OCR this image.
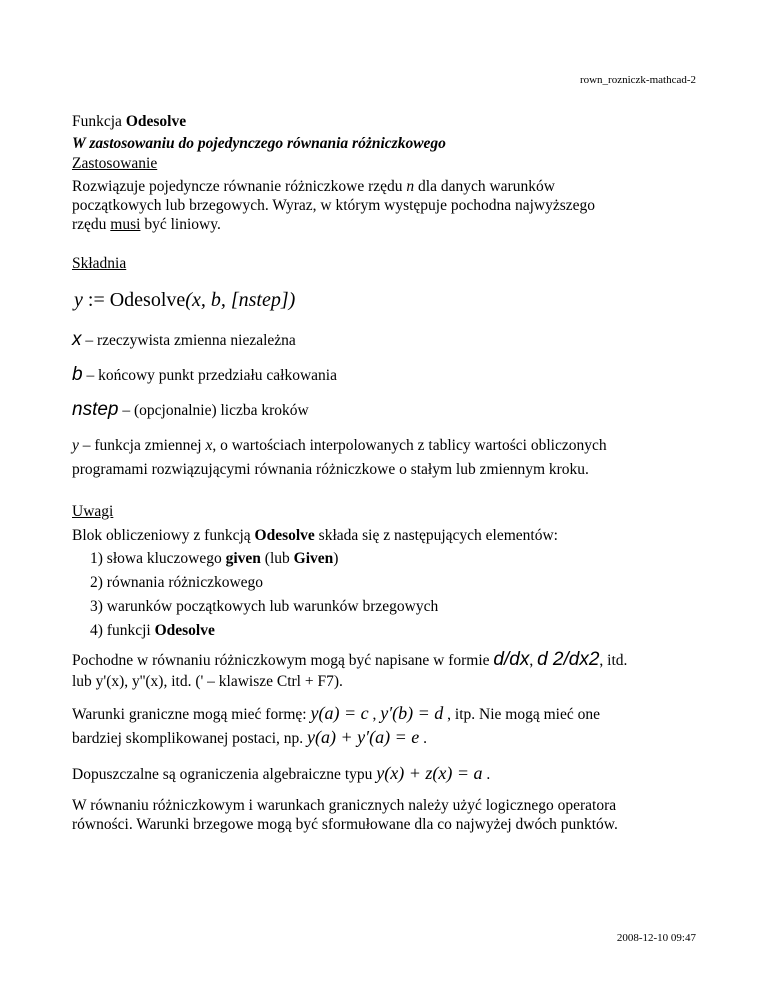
rown_rozniczk-mathcad-2

Funkcja Odesolve

W zastosowaniu do pojedynczego równania różniczkowego

Zastosowanie

Rozwiązuje pojedyncze równanie różniczkowe rzędu n dla danych warunków
początkowych lub brzegowych. Wyraz, w którym występuje pochodna najwyższego
rzędu musi być liniowy.

Składnia

y := Odesolve(x, b, [nstep])

x – rzeczywista zmienna niezależna

b – końcowy punkt przedziału całkowania

nstep – (opcjonalnie) liczba kroków

y – funkcja zmiennej x, o wartościach interpolowanych z tablicy wartości obliczonych
programami rozwiązującymi równania różniczkowe o stałym lub zmiennym kroku.

Uwagi

Blok obliczeniowy z funkcją Odesolve składa się z następujących elementów:

1) słowa kluczowego given (lub Given)
2) równania różniczkowego
3) warunków początkowych lub warunków brzegowych
4) funkcji Odesolve

Pochodne w równaniu różniczkowym mogą być napisane w formie d/dx, d 2/dx2, itd.
lub y'(x), y''(x), itd. (' – klawisze Ctrl + F7).

Warunki graniczne mogą mieć formę: y(a) = c , y′(b) = d , itp. Nie mogą mieć one
bardziej skomplikowanej postaci, np. y(a) + y′(a) = e .

Dopuszczalne są ograniczenia algebraiczne typu y(x) + z(x) = a .

W równaniu różniczkowym i warunkach granicznych należy użyć logicznego operatora
równości. Warunki brzegowe mogą być sformułowane dla co najwyżej dwóch punktów.

2008-12-10 09:47
